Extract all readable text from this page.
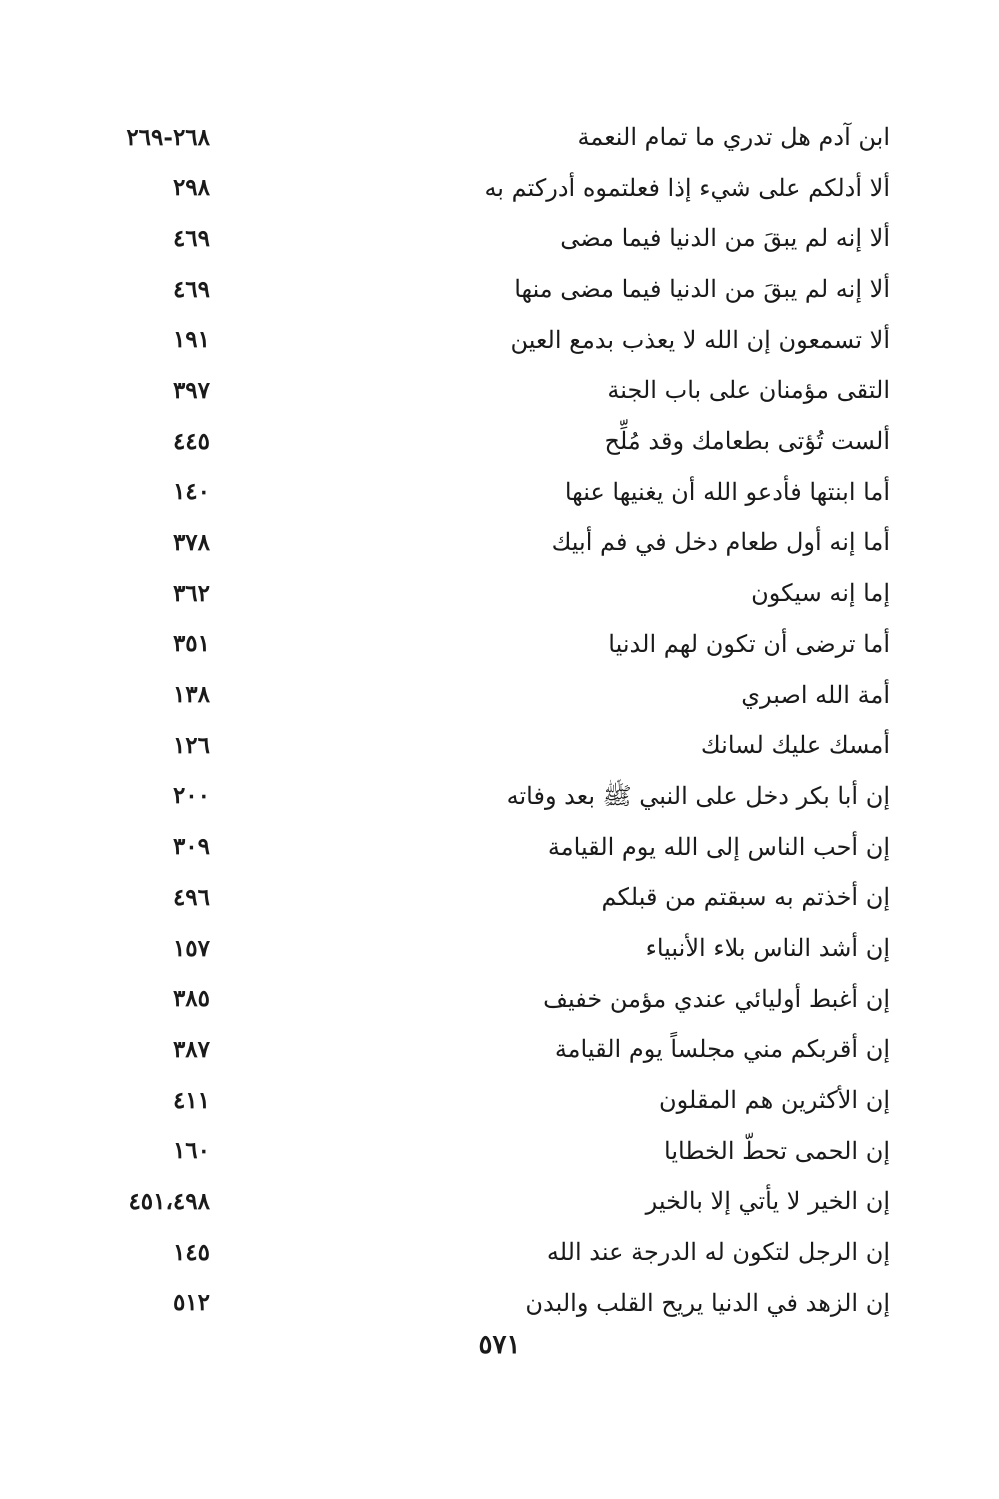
ابن آدم هل تدري ما تمام النعمة
٢٦٨-٢٦٩
ألا أدلكم على شيء إذا فعلتموه أدركتم به
٢٩٨
ألا إنه لم يبقَ من الدنيا فيما مضى
٤٦٩
ألا إنه لم يبقَ من الدنيا فيما مضى منها
٤٦٩
ألا تسمعون إن الله لا يعذب بدمع العين
١٩١
التقى مؤمنان على باب الجنة
٣٩٧
ألست تُؤتى بطعامك وقد مُلِّح
٤٤٥
أما ابنتها فأدعو الله أن يغنيها عنها
١٤٠
أما إنه أول طعام دخل في فم أبيك
٣٧٨
إما إنه سيكون
٣٦٢
أما ترضى أن تكون لهم الدنيا
٣٥١
أمة الله اصبري
١٣٨
أمسك عليك لسانك
١٢٦
إن أبا بكر دخل على النبي ﷺ بعد وفاته
٢٠٠
إن أحب الناس إلى الله يوم القيامة
٣٠٩
إن أخذتم به سبقتم من قبلكم
٤٩٦
إن أشد الناس بلاء الأنبياء
١٥٧
إن أغبط أوليائي عندي مؤمن خفيف
٣٨٥
إن أقربكم مني مجلساً يوم القيامة
٣٨٧
إن الأكثرين هم المقلون
٤١١
إن الحمى تحطّ الخطايا
١٦٠
إن الخير لا يأتي إلا بالخير
٤٥١،٤٩٨
إن الرجل لتكون له الدرجة عند الله
١٤٥
إن الزهد في الدنيا يريح القلب والبدن
٥١٢
٥٧١
